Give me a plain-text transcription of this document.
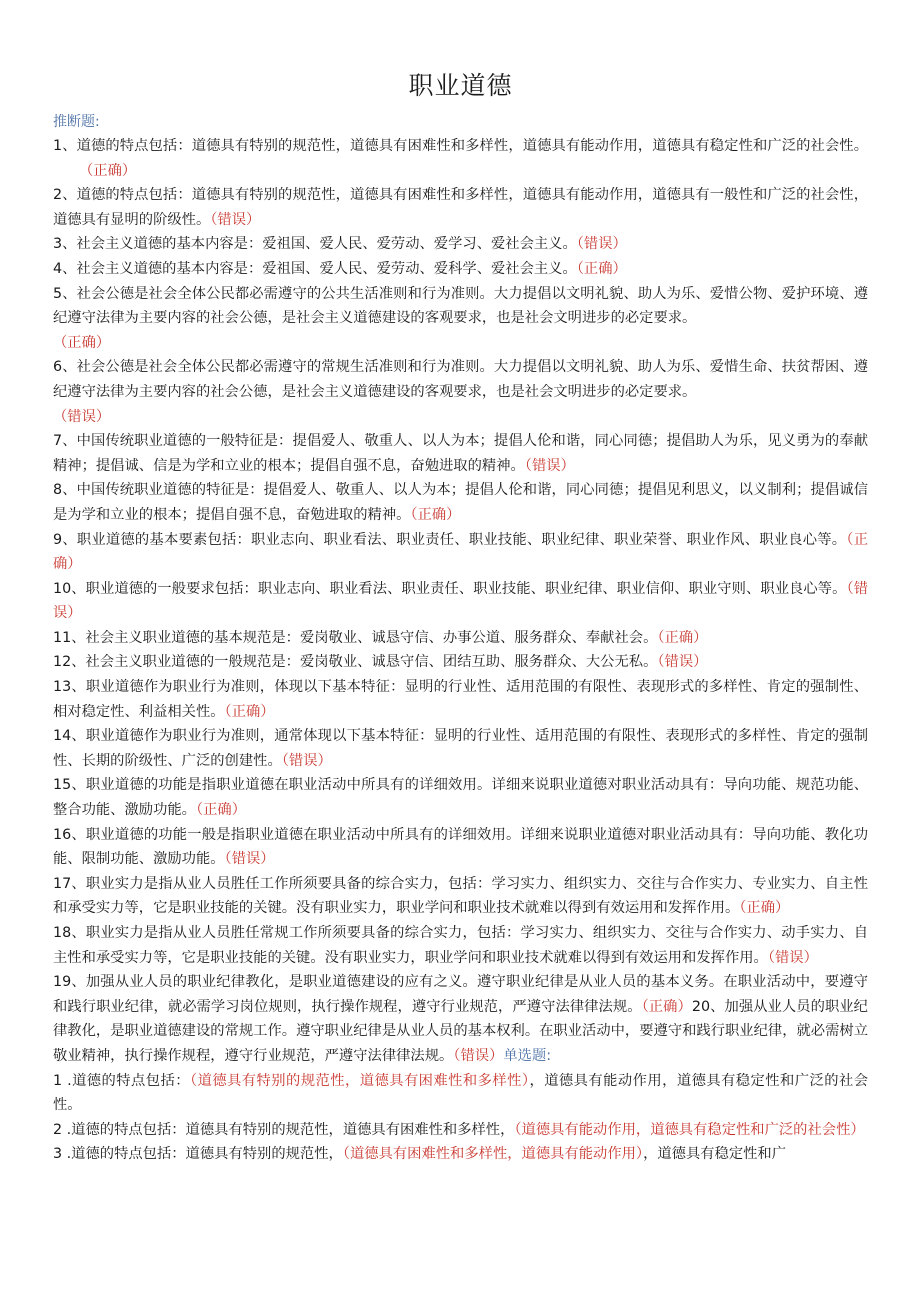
职业道德

推断题:

1、道德的特点包括：道德具有特别的规范性，道德具有困难性和多样性，道德具有能动作用，道德具有稳定性和广泛的社会性。（正确）

2、道德的特点包括：道德具有特别的规范性，道德具有困难性和多样性，道德具有能动作用，道德具有一般性和广泛的社会性，道德具有显明的阶级性。（错误）

3、社会主义道德的基本内容是：爱祖国、爱人民、爱劳动、爱学习、爱社会主义。（错误）

4、社会主义道德的基本内容是：爱祖国、爱人民、爱劳动、爱科学、爱社会主义。（正确）

5、社会公德是社会全体公民都必需遵守的公共生活准则和行为准则。大力提倡以文明礼貌、助人为乐、爱惜公物、爱护环境、遵纪遵守法律为主要内容的社会公德，是社会主义道德建设的客观要求，也是社会文明进步的必定要求。
（正确）

6、社会公德是社会全体公民都必需遵守的常规生活准则和行为准则。大力提倡以文明礼貌、助人为乐、爱惜生命、扶贫帮困、遵纪遵守法律为主要内容的社会公德，是社会主义道德建设的客观要求，也是社会文明进步的必定要求。
（错误）

7、中国传统职业道德的一般特征是：提倡爱人、敬重人、以人为本；提倡人伦和谐，同心同德；提倡助人为乐，见义勇为的奉献精神；提倡诚、信是为学和立业的根本；提倡自强不息，奋勉进取的精神。（错误）

8、中国传统职业道德的特征是：提倡爱人、敬重人、以人为本；提倡人伦和谐，同心同德；提倡见利思义，以义制利；提倡诚信是为学和立业的根本；提倡自强不息，奋勉进取的精神。（正确）

9、职业道德的基本要素包括：职业志向、职业看法、职业责任、职业技能、职业纪律、职业荣誉、职业作风、职业良心等。（正确）

10、职业道德的一般要求包括：职业志向、职业看法、职业责任、职业技能、职业纪律、职业信仰、职业守则、职业良心等。（错误）

11、社会主义职业道德的基本规范是：爱岗敬业、诚恳守信、办事公道、服务群众、奉献社会。（正确）

12、社会主义职业道德的一般规范是：爱岗敬业、诚恳守信、团结互助、服务群众、大公无私。（错误）

13、职业道德作为职业行为准则，体现以下基本特征：显明的行业性、适用范围的有限性、表现形式的多样性、肯定的强制性、相对稳定性、利益相关性。（正确）

14、职业道德作为职业行为准则，通常体现以下基本特征：显明的行业性、适用范围的有限性、表现形式的多样性、肯定的强制性、长期的阶级性、广泛的创建性。（错误）

15、职业道德的功能是指职业道德在职业活动中所具有的详细效用。详细来说职业道德对职业活动具有：导向功能、规范功能、整合功能、激励功能。（正确）

16、职业道德的功能一般是指职业道德在职业活动中所具有的详细效用。详细来说职业道德对职业活动具有：导向功能、教化功能、限制功能、激励功能。（错误）

17、职业实力是指从业人员胜任工作所须要具备的综合实力，包括：学习实力、组织实力、交往与合作实力、专业实力、自主性和承受实力等，它是职业技能的关键。没有职业实力，职业学问和职业技术就难以得到有效运用和发挥作用。（正确）

18、职业实力是指从业人员胜任常规工作所须要具备的综合实力，包括：学习实力、组织实力、交往与合作实力、动手实力、自主性和承受实力等，它是职业技能的关键。没有职业实力，职业学问和职业技术就难以得到有效运用和发挥作用。（错误）

19、加强从业人员的职业纪律教化，是职业道德建设的应有之义。遵守职业纪律是从业人员的基本义务。在职业活动中，要遵守和践行职业纪律，就必需学习岗位规则，执行操作规程，遵守行业规范，严遵守法律律法规。（正确）20、加强从业人员的职业纪律教化，是职业道德建设的常规工作。遵守职业纪律是从业人员的基本权利。在职业活动中，要遵守和践行职业纪律，就必需树立敬业精神，执行操作规程，遵守行业规范，严遵守法律律法规。（错误）单选题:

1 .道德的特点包括：（道德具有特别的规范性，道德具有困难性和多样性），道德具有能动作用，道德具有稳定性和广泛的社会性。

2 .道德的特点包括：道德具有特别的规范性，道德具有困难性和多样性，（道德具有能动作用，道德具有稳定性和广泛的社会性）

3 .道德的特点包括：道德具有特别的规范性，（道德具有困难性和多样性，道德具有能动作用），道德具有稳定性和广
